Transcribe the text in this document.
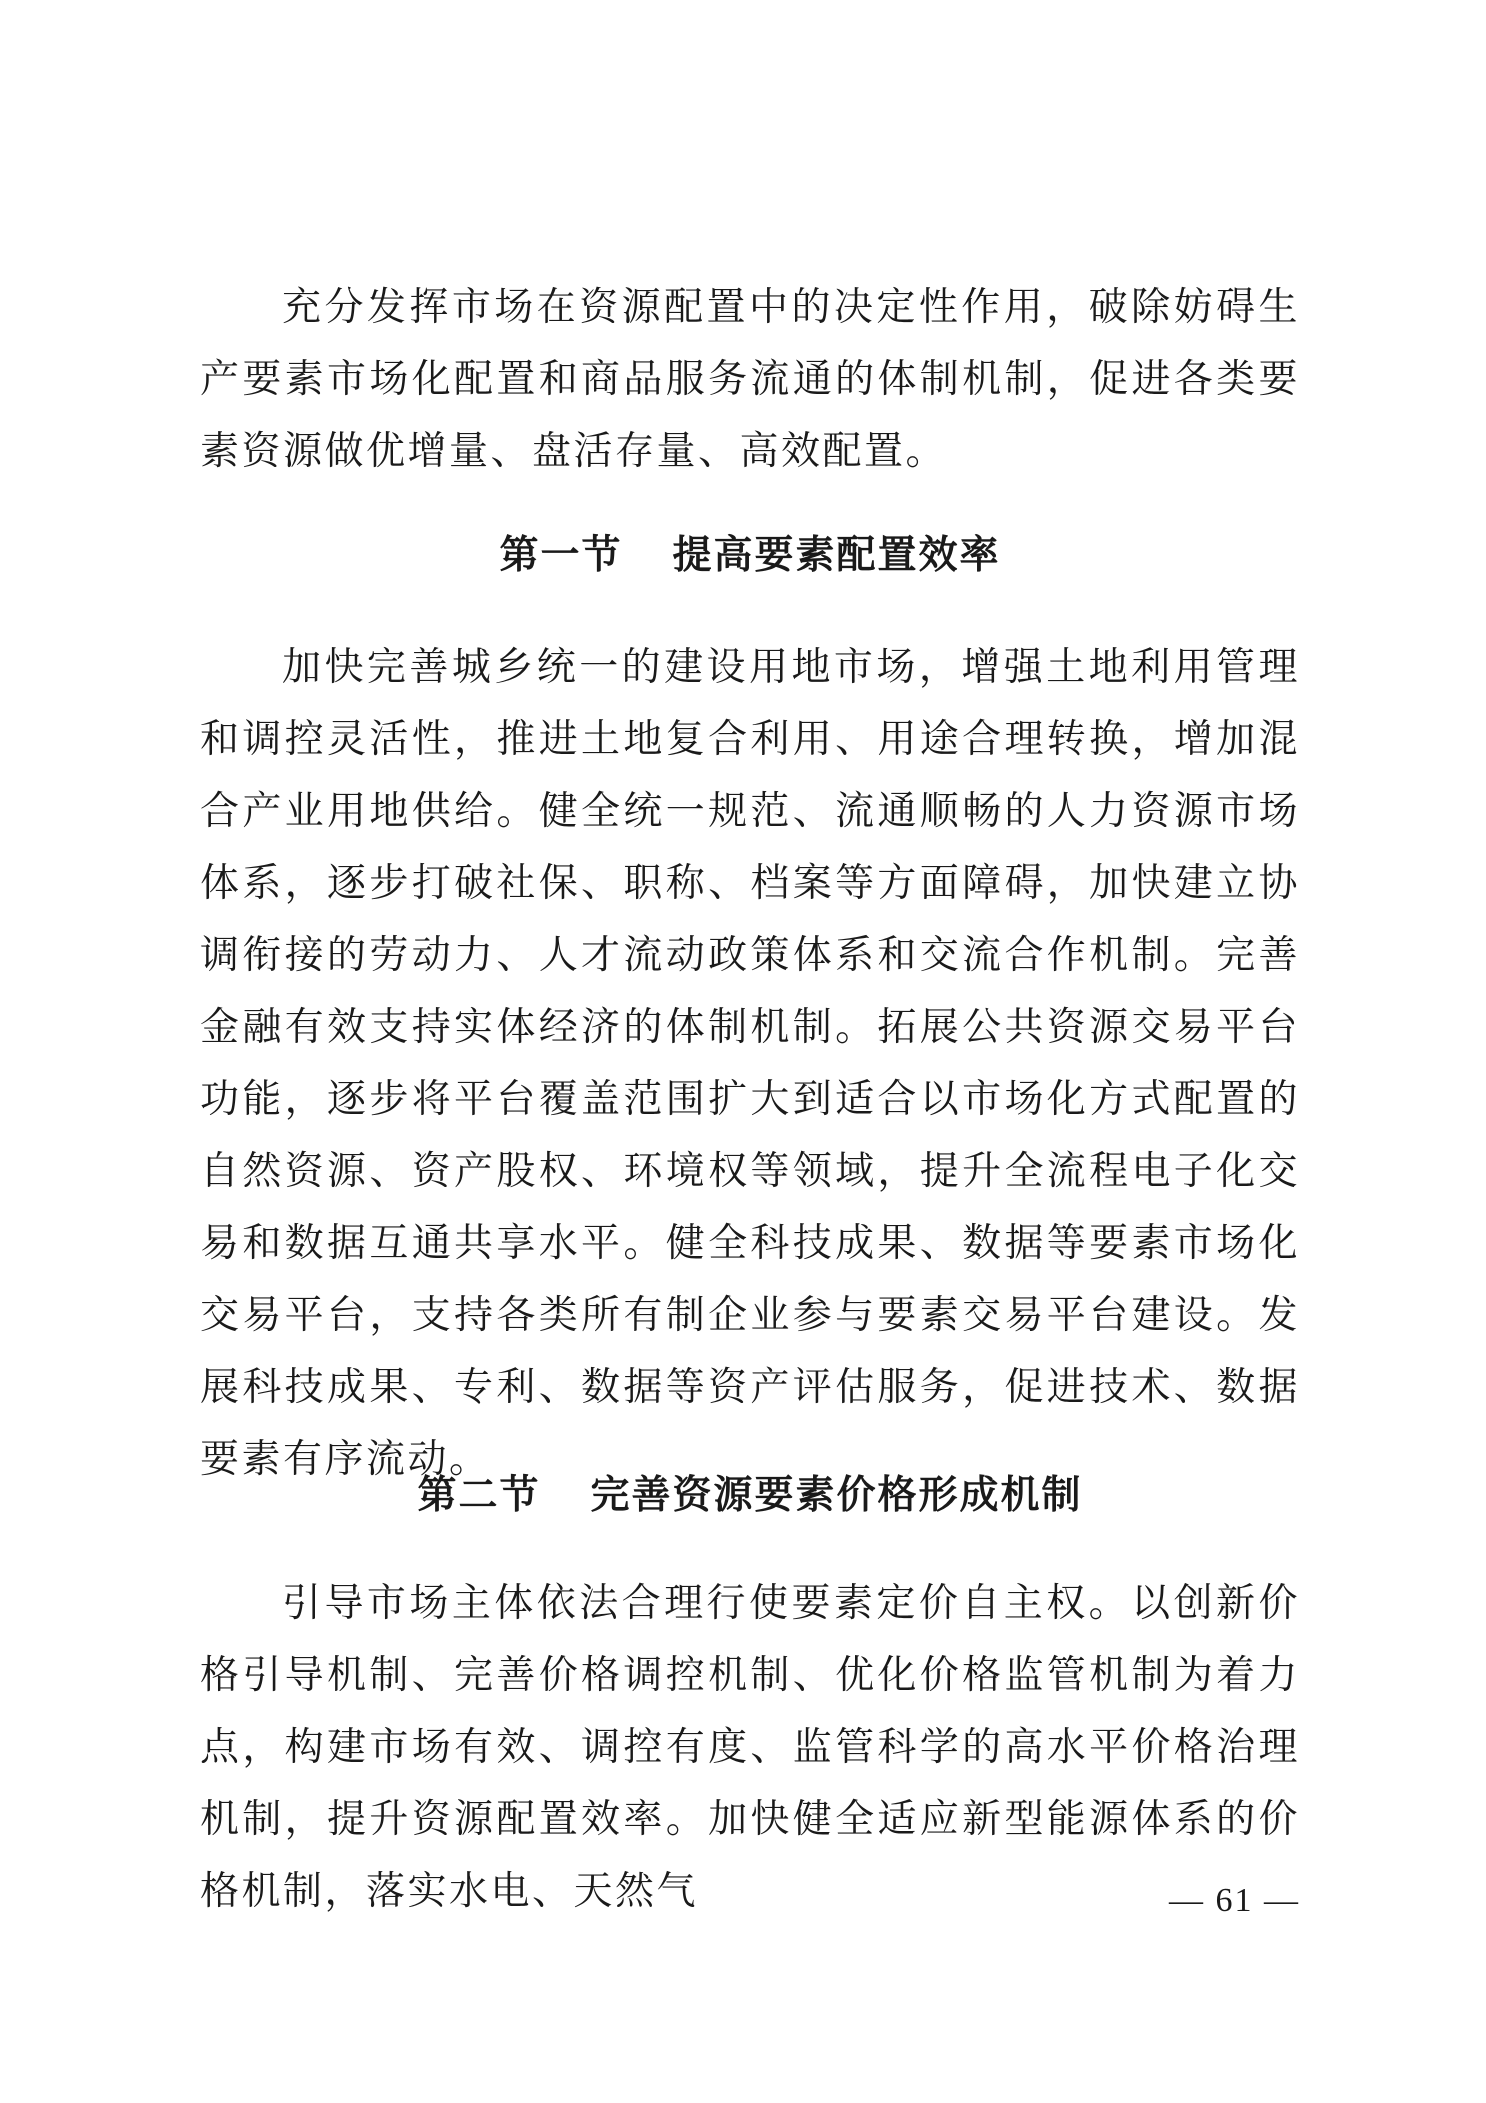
充分发挥市场在资源配置中的决定性作用，破除妨碍生产要素市场化配置和商品服务流通的体制机制，促进各类要素资源做优增量、盘活存量、高效配置。

第一节 提高要素配置效率

加快完善城乡统一的建设用地市场，增强土地利用管理和调控灵活性，推进土地复合利用、用途合理转换，增加混合产业用地供给。健全统一规范、流通顺畅的人力资源市场体系，逐步打破社保、职称、档案等方面障碍，加快建立协调衔接的劳动力、人才流动政策体系和交流合作机制。完善金融有效支持实体经济的体制机制。拓展公共资源交易平台功能，逐步将平台覆盖范围扩大到适合以市场化方式配置的自然资源、资产股权、环境权等领域，提升全流程电子化交易和数据互通共享水平。健全科技成果、数据等要素市场化交易平台，支持各类所有制企业参与要素交易平台建设。发展科技成果、专利、数据等资产评估服务，促进技术、数据要素有序流动。

第二节 完善资源要素价格形成机制

引导市场主体依法合理行使要素定价自主权。以创新价格引导机制、完善价格调控机制、优化价格监管机制为着力点，构建市场有效、调控有度、监管科学的高水平价格治理机制，提升资源配置效率。加快健全适应新型能源体系的价格机制，落实水电、天然气	— 61 —
